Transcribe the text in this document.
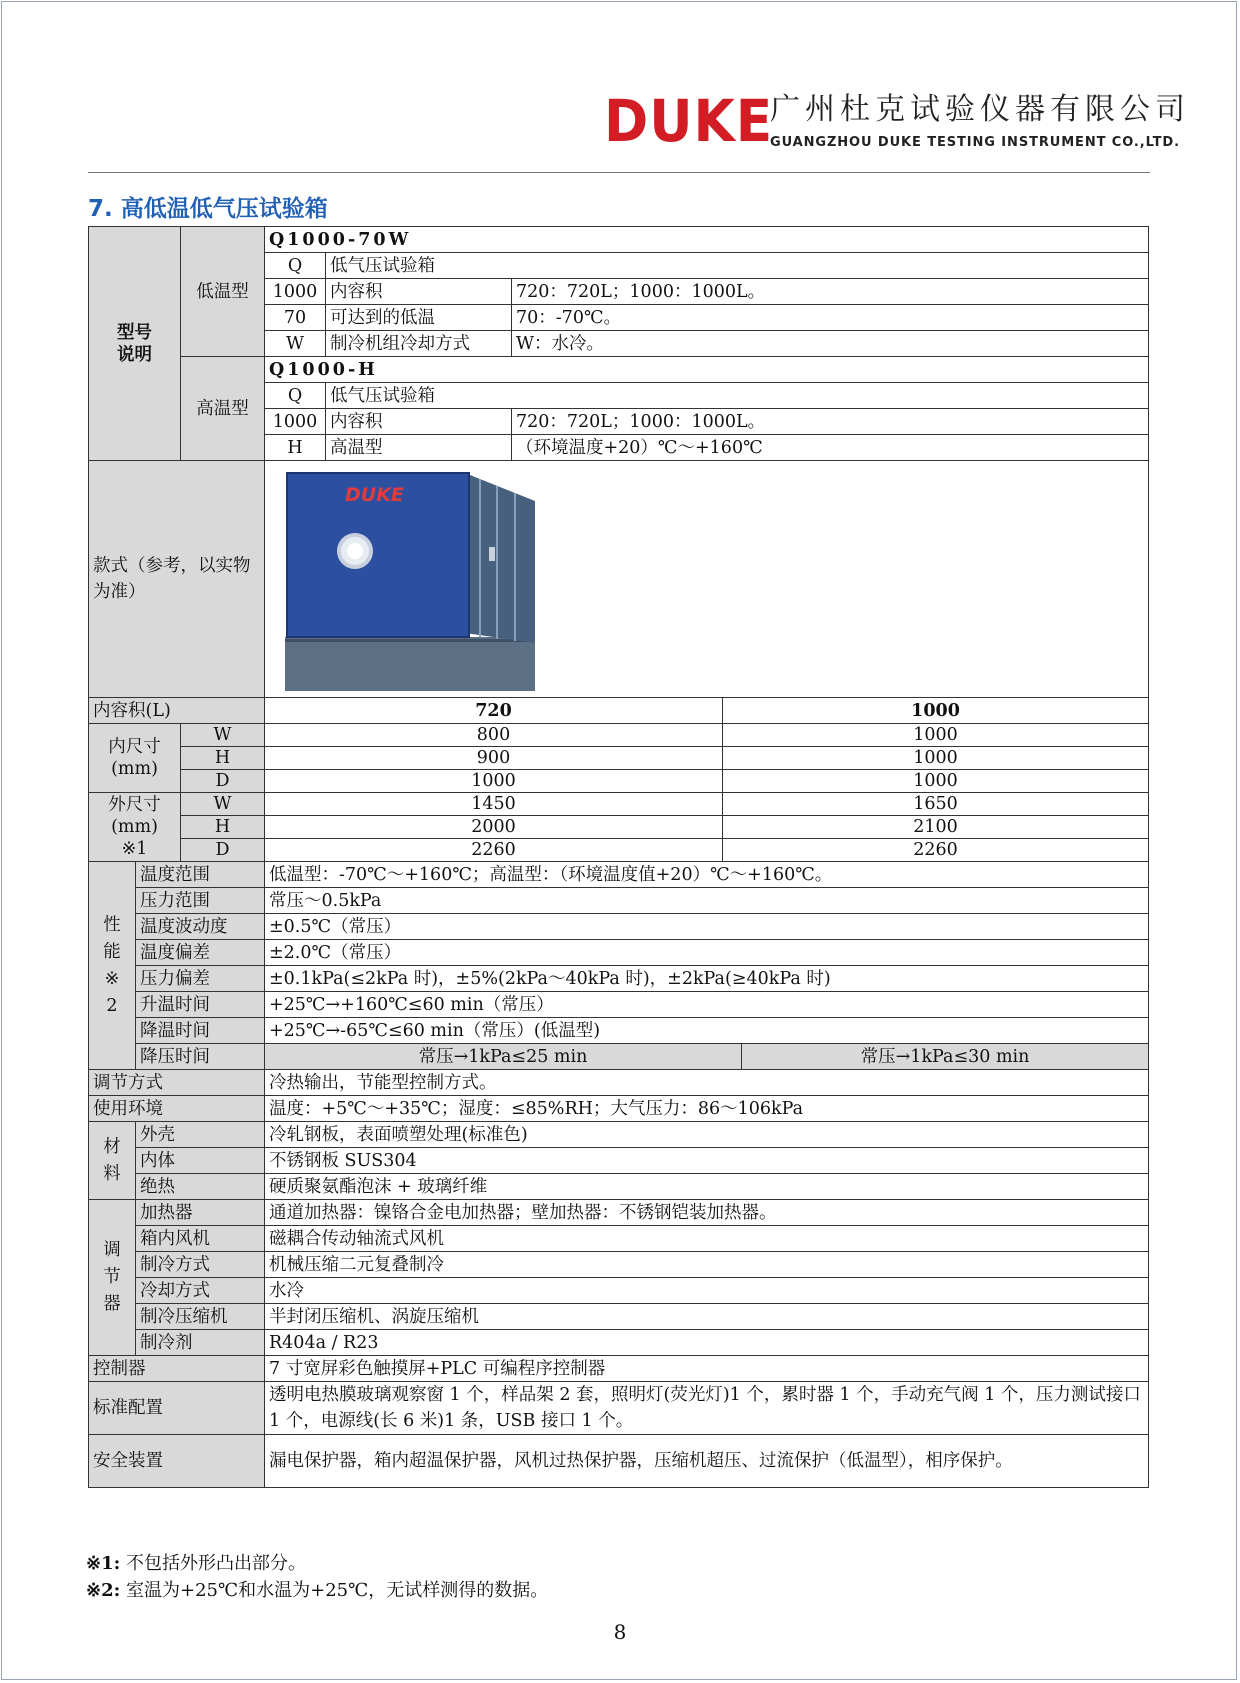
DUKE
广州杜克试验仪器有限公司
GUANGZHOU DUKE TESTING INSTRUMENT CO.,LTD.
7. 高低温低气压试验箱
型号
说明		低温型	Q1000-70W				
			Q	低气压试验箱			
			1000	内容积	720：720L；1000：1000L。		
			70	可达到的低温	70：-70℃。		
			W	制冷机组冷却方式	W：水冷。		
		高温型	Q1000-H				
			Q	低气压试验箱			
			1000	内容积	720：720L；1000：1000L。		
			H	高温型	（环境温度+20）℃～+160℃		
款式（参考，以实物为准）			DUKE				

内容积(L)			720			1000	
内尺寸
(mm)		W	800			1000	
		H	900			1000	
		D	1000			1000	
外尺寸
(mm)
※1		W	1450			1650	
		H	2000			2100	
		D	2260			2260	
性
能
※
2	温度范围		低温型：-70℃～+160℃；高温型：（环境温度值+20）℃～+160℃。				
	压力范围		常压～0.5kPa				
	温度波动度		±0.5℃（常压）				
	温度偏差		±2.0℃（常压）				
	压力偏差		±0.1kPa(≤2kPa 时)，±5%(2kPa～40kPa 时)，±2kPa(≥40kPa 时)				
	升温时间		+25℃→+160℃≤60 min（常压）				
	降温时间		+25℃→-65℃≤60 min（常压）(低温型)				
	降压时间		常压→1kPa≤25 min				常压→1kPa≤30 min
调节方式			冷热输出，节能型控制方式。				
使用环境			温度：+5℃～+35℃；湿度：≤85%RH；大气压力：86～106kPa				
材
料	外壳		冷轧钢板，表面喷塑处理(标准色)				
	内体		不锈钢板 SUS304				
	绝热		硬质聚氨酯泡沫 + 玻璃纤维				
调
节
器	加热器		通道加热器：镍铬合金电加热器；壁加热器：不锈钢铠装加热器。				
	箱内风机		磁耦合传动轴流式风机				
	制冷方式		机械压缩二元复叠制冷				
	冷却方式		水冷				
	制冷压缩机		半封闭压缩机、涡旋压缩机				
	制冷剂		R404a / R23				
控制器			7 寸宽屏彩色触摸屏+PLC 可编程序控制器				
标准配置			透明电热膜玻璃观察窗 1 个，样品架 2 套，照明灯(荧光灯)1 个，累时器 1 个，手动充气阀 1 个，压力测试接口 1 个，电源线(长 6 米)1 条，USB 接口 1 个。				
安全装置			漏电保护器，箱内超温保护器，风机过热保护器，压缩机超压、过流保护（低温型），相序保护。				
※1: 不包括外形凸出部分。
※2: 室温为+25℃和水温为+25℃，无试样测得的数据。
8
